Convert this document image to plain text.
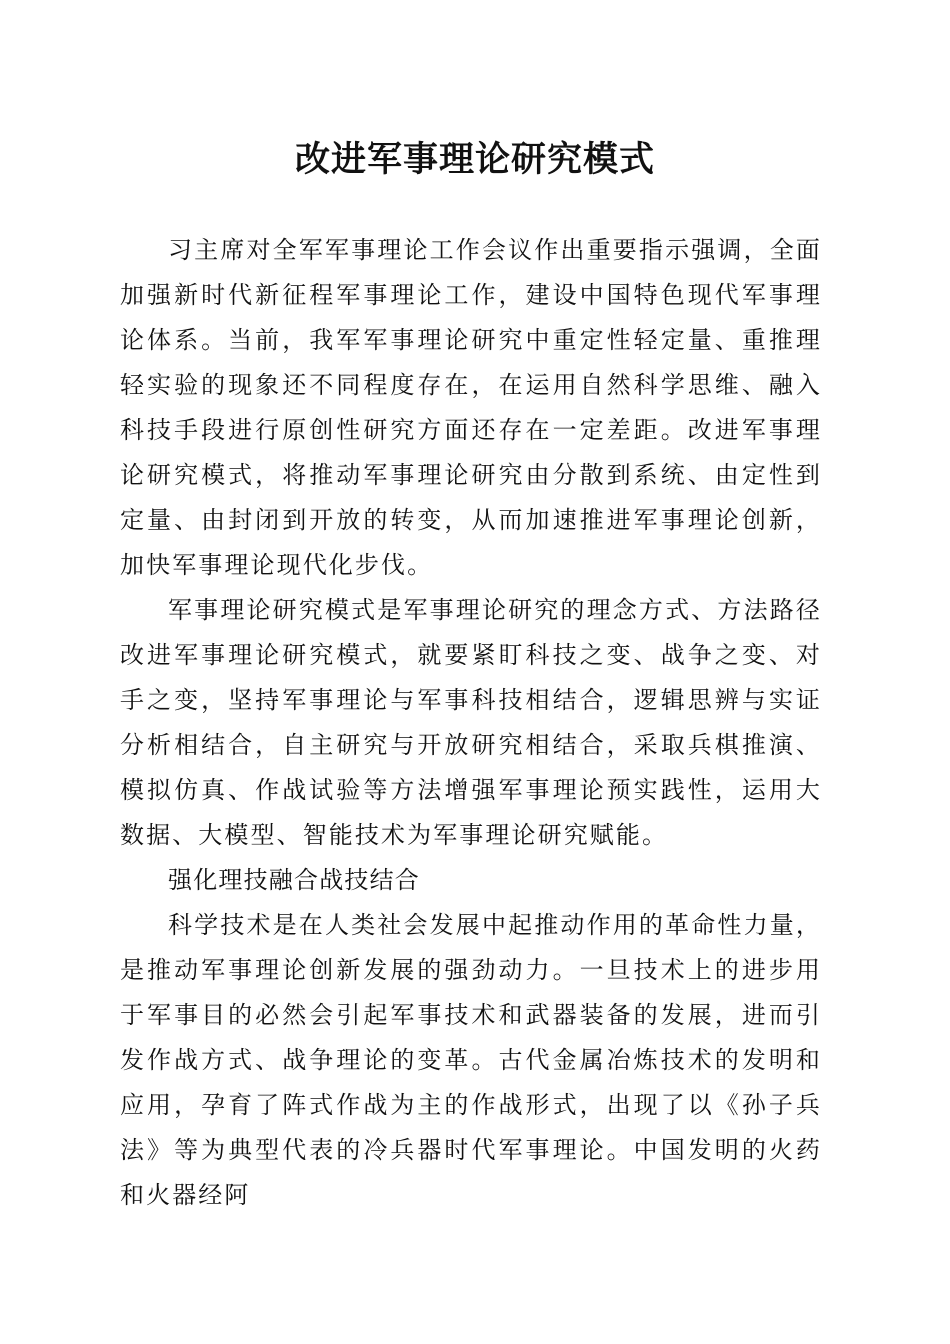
改进军事理论研究模式

习主席对全军军事理论工作会议作出重要指示强调，全面加强新时代新征程军事理论工作，建设中国特色现代军事理论体系。当前，我军军事理论研究中重定性轻定量、重推理轻实验的现象还不同程度存在，在运用自然科学思维、融入科技手段进行原创性研究方面还存在一定差距。改进军事理论研究模式，将推动军事理论研究由分散到系统、由定性到定量、由封闭到开放的转变，从而加速推进军事理论创新，加快军事理论现代化步伐。

军事理论研究模式是军事理论研究的理念方式、方法路径改进军事理论研究模式，就要紧盯科技之变、战争之变、对手之变，坚持军事理论与军事科技相结合，逻辑思辨与实证分析相结合，自主研究与开放研究相结合，采取兵棋推演、模拟仿真、作战试验等方法增强军事理论预实践性，运用大数据、大模型、智能技术为军事理论研究赋能。

强化理技融合战技结合

科学技术是在人类社会发展中起推动作用的革命性力量，是推动军事理论创新发展的强劲动力。一旦技术上的进步用于军事目的必然会引起军事技术和武器装备的发展，进而引发作战方式、战争理论的变革。古代金属冶炼技术的发明和应用，孕育了阵式作战为主的作战形式，出现了以《孙子兵法》等为典型代表的冷兵器时代军事理论。中国发明的火药和火器经阿
